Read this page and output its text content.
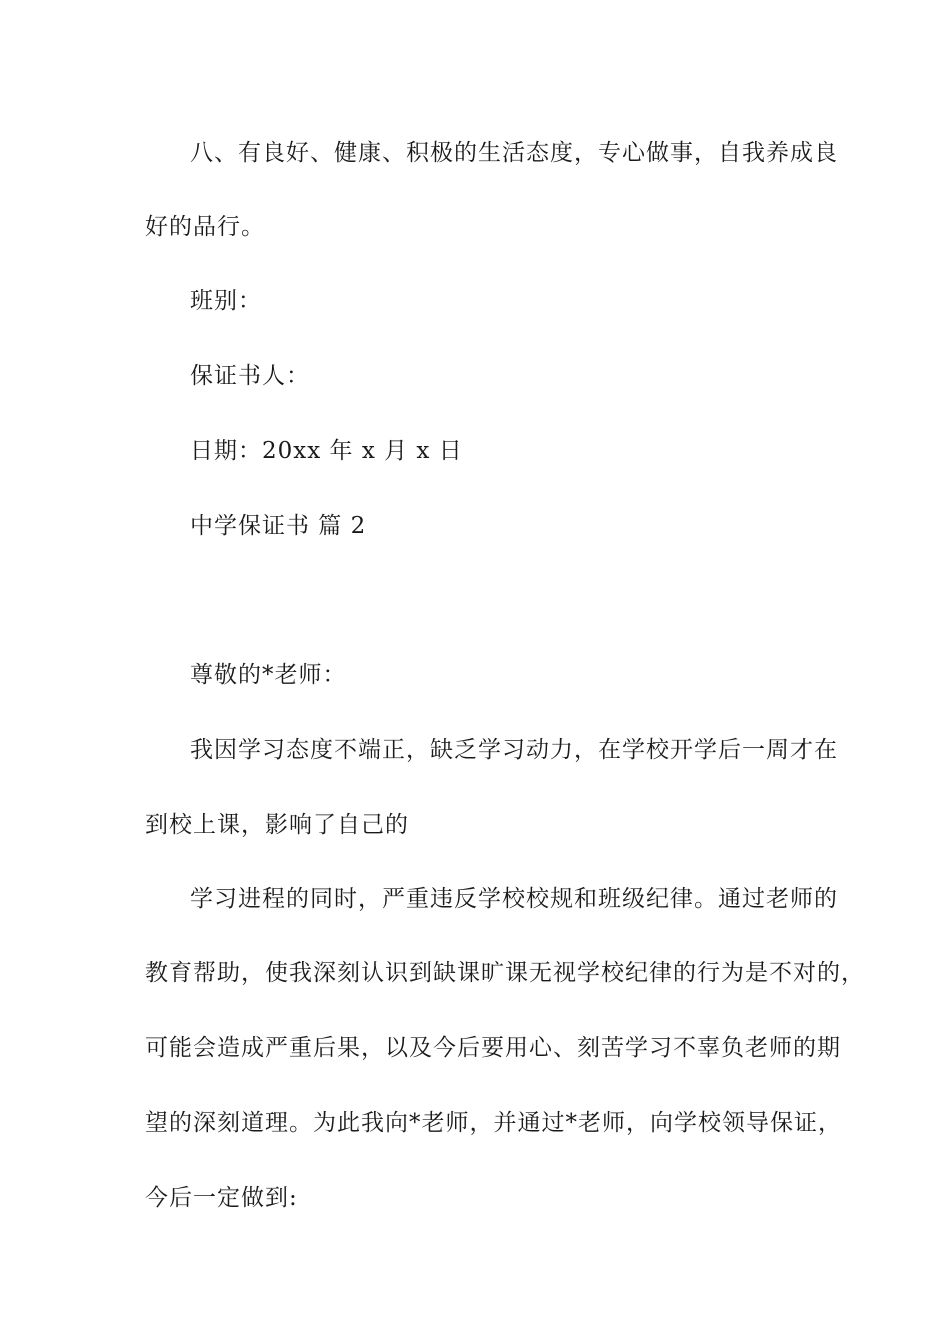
八、有良好、健康、积极的生活态度，专心做事，自我养成良
好的品行。
班别：
保证书人：
日期：20xx 年 x 月 x 日
中学保证书 篇 2
尊敬的*老师：
我因学习态度不端正，缺乏学习动力，在学校开学后一周才在
到校上课，影响了自己的
学习进程的同时，严重违反学校校规和班级纪律。通过老师的
教育帮助，使我深刻认识到缺课旷课无视学校纪律的行为是不对的，
可能会造成严重后果，以及今后要用心、刻苦学习不辜负老师的期
望的深刻道理。为此我向*老师，并通过*老师，向学校领导保证，
今后一定做到:
